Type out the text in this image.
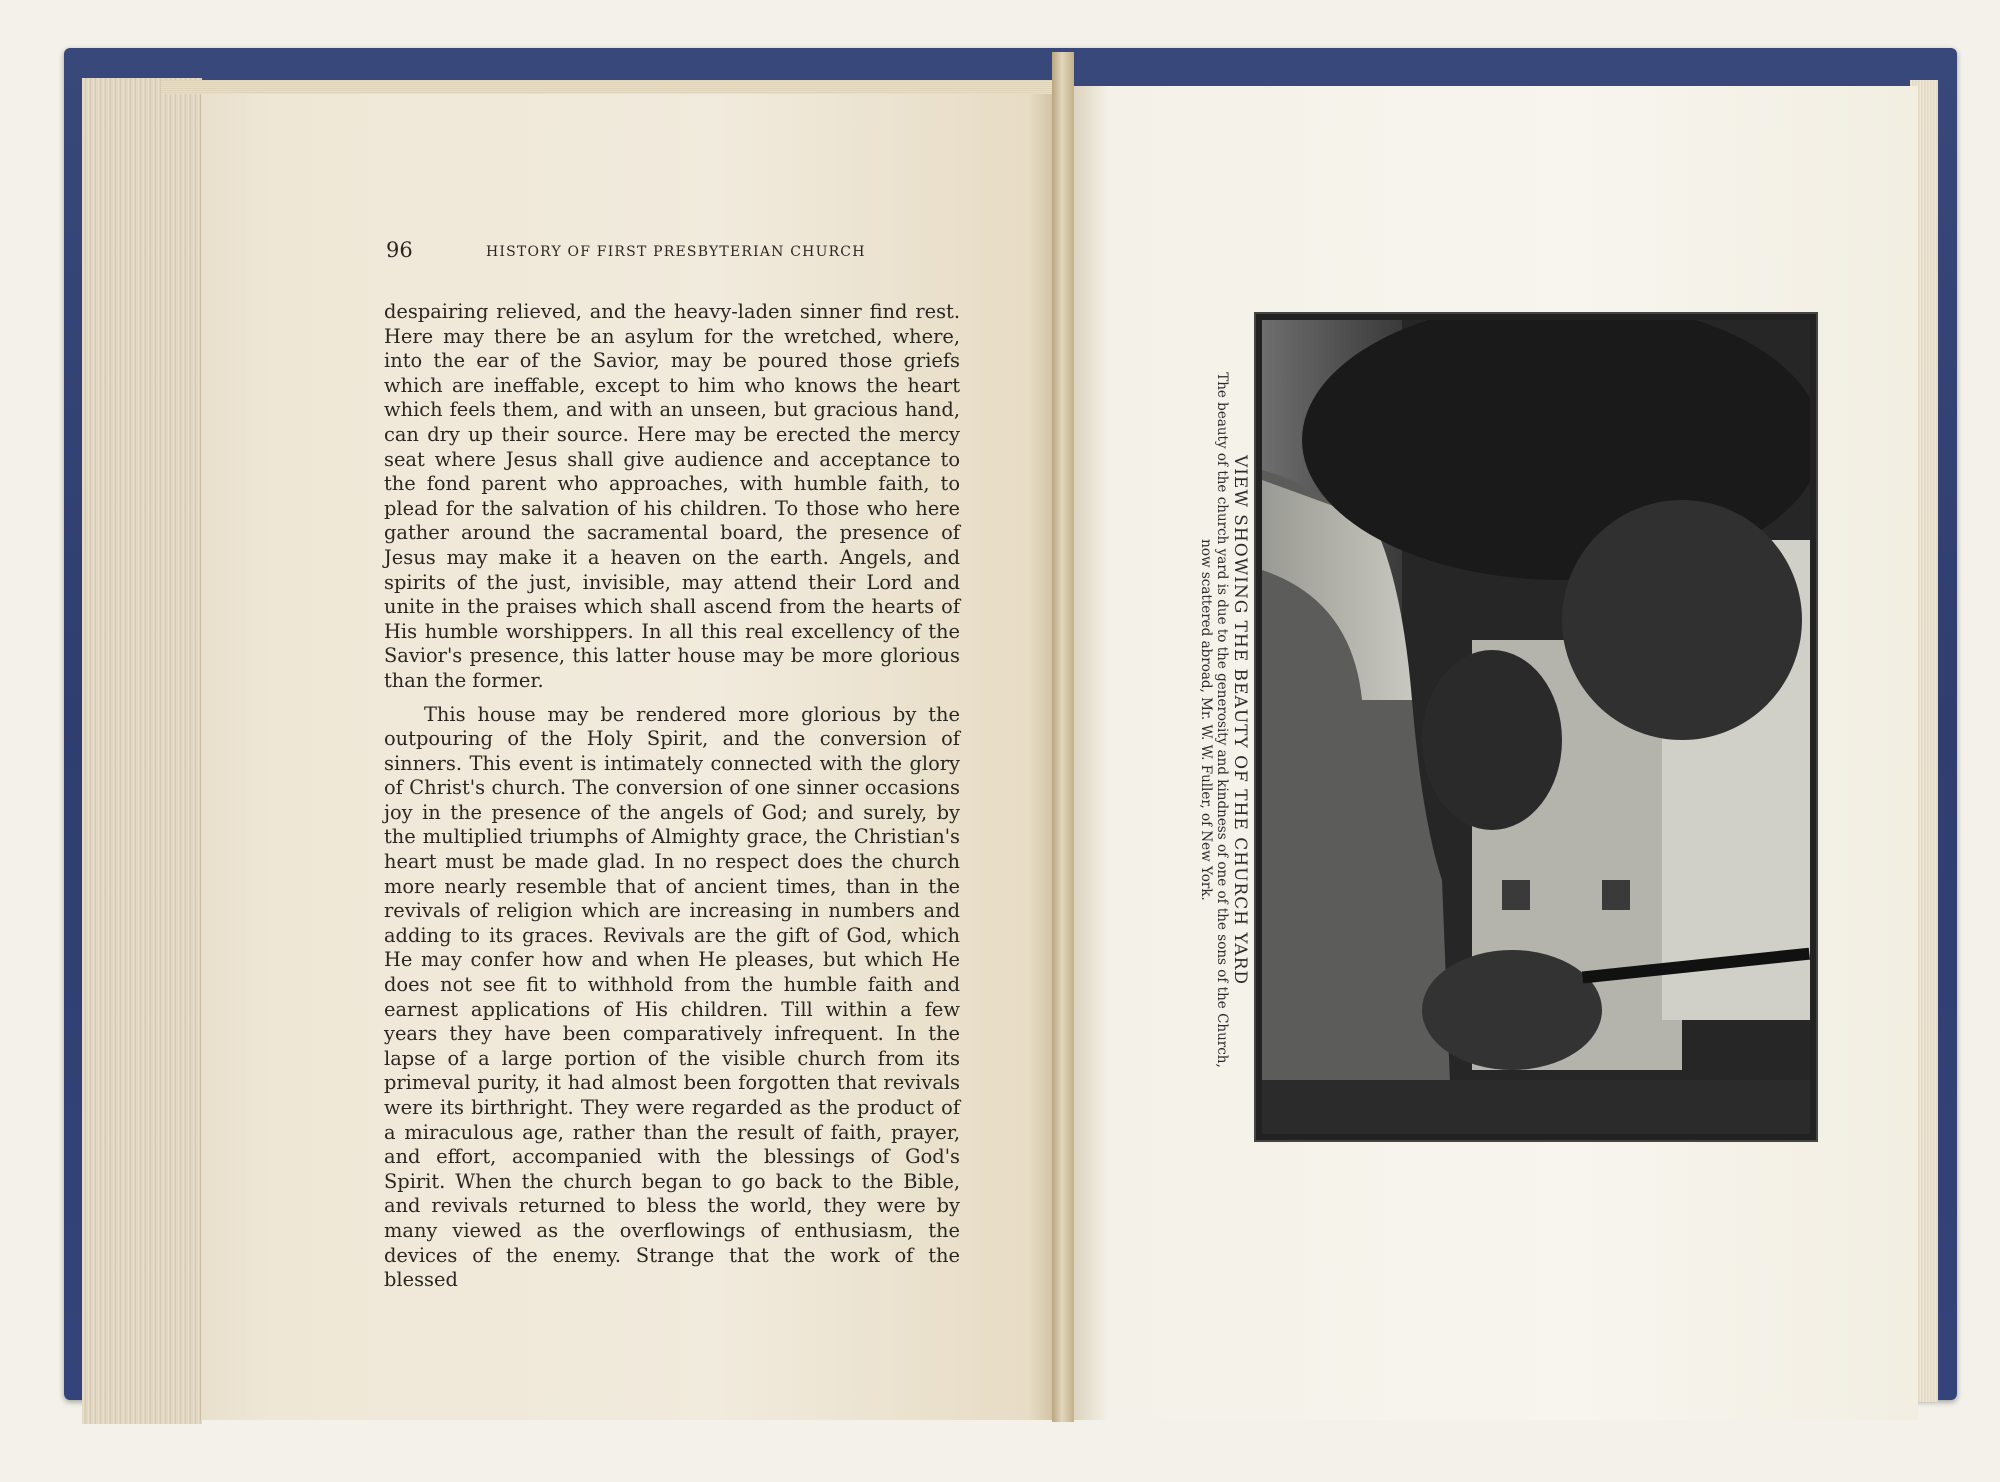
96	HISTORY OF FIRST PRESBYTERIAN CHURCH

despairing relieved, and the heavy-laden sinner find rest. Here may there be an asylum for the wretched, where, into the ear of the Savior, may be poured those griefs which are ineffable, except to him who knows the heart which feels them, and with an unseen, but gracious hand, can dry up their source. Here may be erected the mercy seat where Jesus shall give audience and acceptance to the fond parent who approaches, with humble faith, to plead for the salvation of his children. To those who here gather around the sacramental board, the presence of Jesus may make it a heaven on the earth. Angels, and spirits of the just, invisible, may attend their Lord and unite in the praises which shall ascend from the hearts of His humble worshippers. In all this real excellency of the Savior's presence, this latter house may be more glorious than the former.

This house may be rendered more glorious by the outpouring of the Holy Spirit, and the conversion of sinners. This event is intimately connected with the glory of Christ's church. The conversion of one sinner occasions joy in the presence of the angels of God; and surely, by the multiplied triumphs of Almighty grace, the Christian's heart must be made glad. In no respect does the church more nearly resemble that of ancient times, than in the revivals of religion which are increasing in numbers and adding to its graces. Revivals are the gift of God, which He may confer how and when He pleases, but which He does not see fit to withhold from the humble faith and earnest applications of His children. Till within a few years they have been comparatively infrequent. In the lapse of a large portion of the visible church from its primeval purity, it had almost been forgotten that revivals were its birthright. They were regarded as the product of a miraculous age, rather than the result of faith, prayer, and effort, accompanied with the blessings of God's Spirit. When the church began to go back to the Bible, and revivals returned to bless the world, they were by many viewed as the overflowings of enthusiasm, the devices of the enemy. Strange that the work of the blessed

VIEW SHOWING THE BEAUTY OF THE CHURCH YARD
The beauty of the church yard is due to the generosity and kindness of one of the sons of the Church,
now scattered abroad, Mr. W. W. Fuller, of New York.
